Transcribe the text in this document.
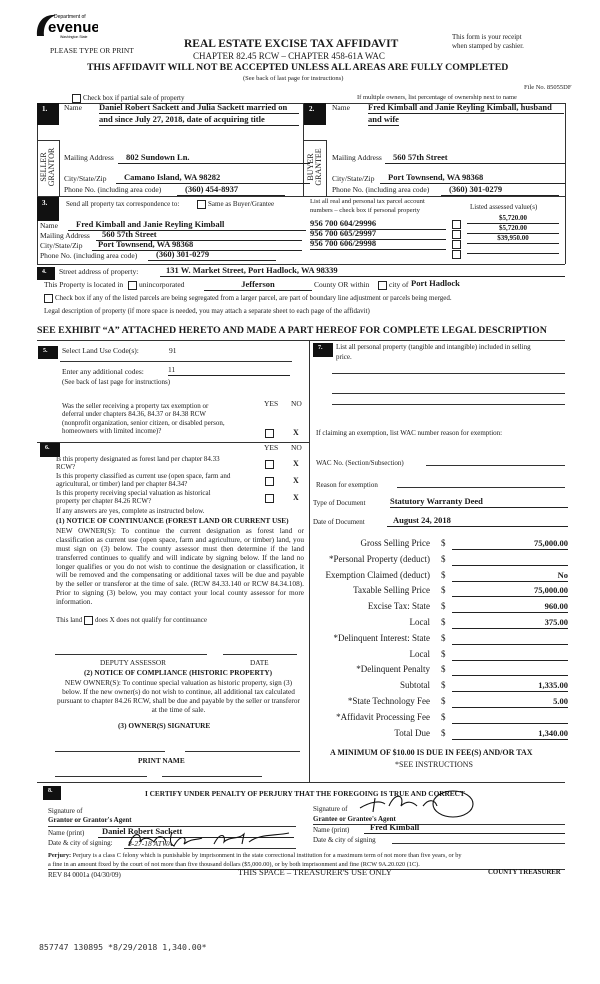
Department of
evenue
Washington State
PLEASE TYPE OR PRINT
REAL ESTATE EXCISE TAX AFFIDAVIT
CHAPTER 82.45 RCW – CHAPTER 458-61A WAC
This form is your receipt
when stamped by cashier.
THIS AFFIDAVIT WILL NOT BE ACCEPTED UNLESS ALL AREAS ARE FULLY COMPLETED
(See back of last page for instructions)
File No. 85055DF
Check box if partial sale of property	If multiple owners, list percentage of ownership next to name
1.	Name Daniel Robert Sackett and Julia Sackett married on
and since July 27, 2018, date of acquiring title
SELLER GRANTOR Mailing Address	802 Sundown Ln.
City/State/Zip	Camano Island, WA 98282
Phone No. (including area code)	(360) 454-8937
2.	Name Fred Kimball and Janie Reyling Kimball, husband
and wife
BUYER GRANTEE Mailing Address	560 57th Street
City/State/Zip	Port Townsend, WA 98368
Phone No. (including area code)	(360) 301-0279
3.	Send all property tax correspondence to:	Same as Buyer/Grantee
Name	Fred Kimball and Janie Reyling Kimball
Mailing Address	560 57th Street
City/State/Zip	Port Townsend, WA 98368
Phone No. (including area code)	(360) 301-0279
List all real and personal tax parcel account
numbers – check box if personal property	Listed assessed value(s)
956 700 604/29996	$5,720.00
956 700 605/29997	$5,720.00
956 700 606/29998	$39,950.00
4.	Street address of property:	131 W. Market Street, Port Hadlock, WA 98339
This Property is located in unincorporated	Jefferson	County OR within	city of Port Hadlock
Check box if any of the listed parcels are being segregated from a larger parcel, are part of boundary line adjustment or parcels being merged.
Legal description of property (if more space is needed, you may attach a separate sheet to each page of the affidavit)
SEE EXHIBIT “A” ATTACHED HERETO AND MADE A PART HEREOF FOR COMPLETE LEGAL DESCRIPTION
5.	Select Land Use Code(s):	91
Enter any additional codes:	11
(See back of last page for instructions)
Was the seller receiving a property tax exemption or
deferral under chapters 84.36, 84.37 or 84.38 RCW
(nonprofit organization, senior citizen, or disabled person,
homeowners with limited income)?
YES NO
X
6.	YES NO
Is this property designated as forest land per chapter 84.33
RCW?	X
Is this property classified as current use (open space, farm and
agricultural, or timber) land per chapter 84.34?	X
Is this property receiving special valuation as historical
property per chapter 84.26 RCW?	X
If any answers are yes, complete as instructed below.
(1) NOTICE OF CONTINUANCE (FOREST LAND OR CURRENT USE)
NEW OWNER(S): To continue the current designation as forest land or classification as current use (open space, farm and agriculture, or timber) land, you must sign on (3) below. The county assessor must then determine if the land transferred continues to qualify and will indicate by signing below. If the land no longer qualifies or you do not wish to continue the designation or classification, it will be removed and the compensating or additional taxes will be due and payable by the seller or transferor at the time of sale. (RCW 84.33.140 or RCW 84.34.108). Prior to signing (3) below, you may contact your local county assessor for more information.
This land does X does not qualify for continuance
DEPUTY ASSESSOR	DATE
(2) NOTICE OF COMPLIANCE (HISTORIC PROPERTY)
NEW OWNER(S): To continue special valuation as historic property, sign (3) below. If the new owner(s) do not wish to continue, all additional tax calculated pursuant to chapter 84.26 RCW, shall be due and payable by the seller or transferor at the time of sale.
(3) OWNER(S) SIGNATURE
PRINT NAME
7.	List all personal property (tangible and intangible) included in selling
price.
If claiming an exemption, list WAC number reason for exemption:
WAC No. (Section/Subsection)
Reason for exemption
Type of Document	Statutory Warranty Deed
Date of Document	August 24, 2018
Gross Selling Price $	75,000.00
*Personal Property (deduct) $
Exemption Claimed (deduct) $	No
Taxable Selling Price $	75,000.00
Excise Tax: State $	960.00
Local $	375.00
*Delinquent Interest: State $
Local $
*Delinquent Penalty $
Subtotal $	1,335.00
*State Technology Fee $	5.00
*Affidavit Processing Fee $
Total Due $	1,340.00
A MINIMUM OF $10.00 IS DUE IN FEE(S) AND/OR TAX
*SEE INSTRUCTIONS
8.	I CERTIFY UNDER PENALTY OF PERJURY THAT THE FOREGOING IS TRUE AND CORRECT
Signature of
Grantor or Grantor's Agent
Name (print)	Daniel Robert Sackett
Date & city of signing: 8-27-18 ATWA
Signature of
Grantee or Grantee's Agent
Name (print)	Fred Kimball
Date & city of signing
Perjury: Perjury is a class C felony which is punishable by imprisonment in the state correctional institution for a maximum term of not more than five years, or by
a fine in an amount fixed by the court of not more than five thousand dollars ($5,000.00), or by both imprisonment and fine (RCW 9A.20.020 (1C).
REV 84 0001a (04/30/09)	THIS SPACE – TREASURER'S USE ONLY	COUNTY TREASURER
857747 130895 *8/29/2018 1,340.00*
